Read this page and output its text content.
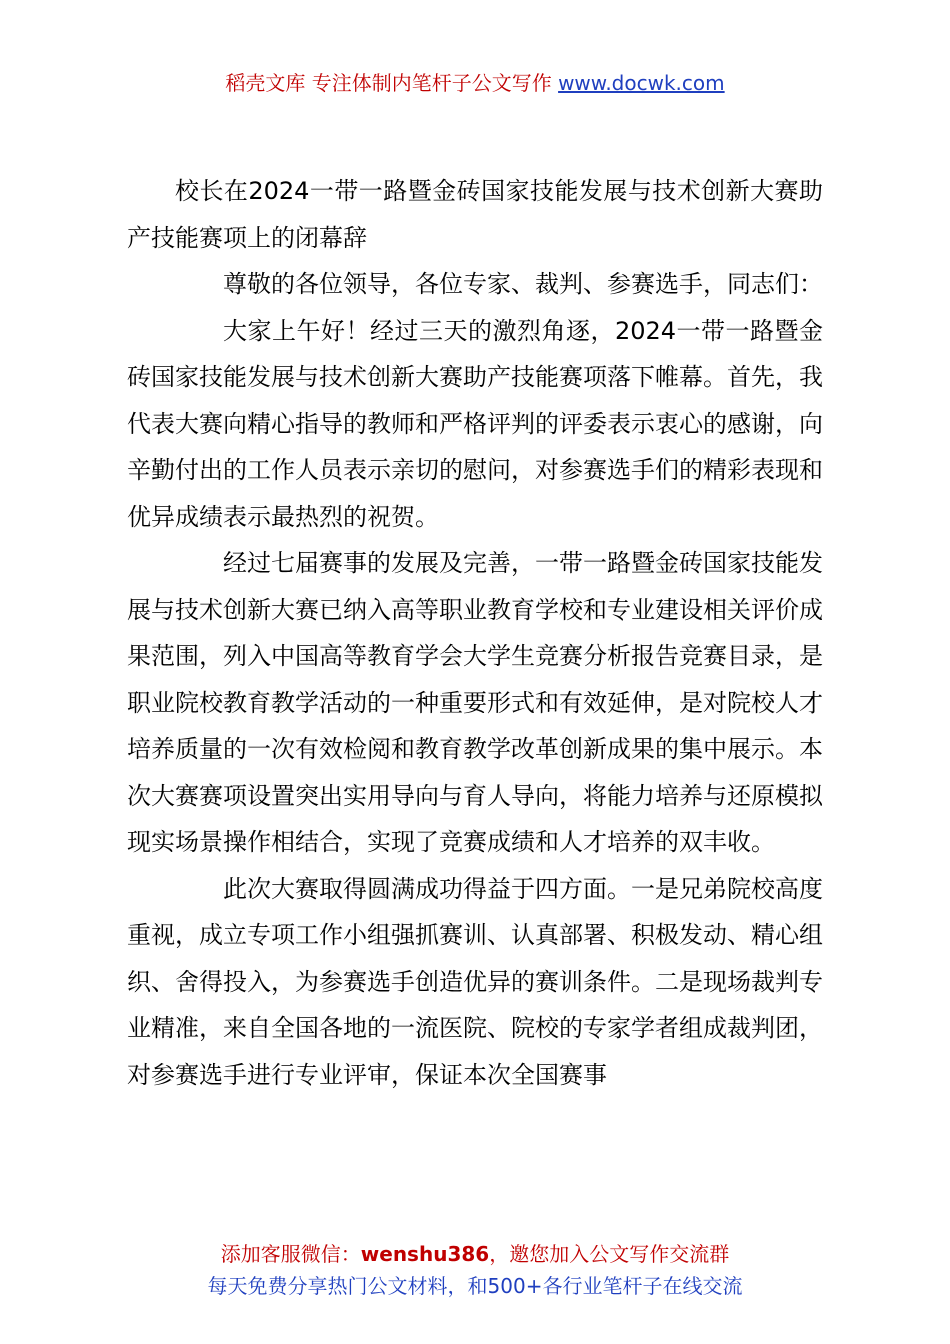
稻壳文库 专注体制内笔杆子公文写作 www.docwk.com

校长在2024一带一路暨金砖国家技能发展与技术创新大赛助产技能赛项上的闭幕辞

尊敬的各位领导，各位专家、裁判、参赛选手，同志们：

大家上午好！经过三天的激烈角逐，2024一带一路暨金砖国家技能发展与技术创新大赛助产技能赛项落下帷幕。首先，我代表大赛向精心指导的教师和严格评判的评委表示衷心的感谢，向辛勤付出的工作人员表示亲切的慰问，对参赛选手们的精彩表现和优异成绩表示最热烈的祝贺。

经过七届赛事的发展及完善，一带一路暨金砖国家技能发展与技术创新大赛已纳入高等职业教育学校和专业建设相关评价成果范围，列入中国高等教育学会大学生竞赛分析报告竞赛目录，是职业院校教育教学活动的一种重要形式和有效延伸，是对院校人才培养质量的一次有效检阅和教育教学改革创新成果的集中展示。本次大赛赛项设置突出实用导向与育人导向，将能力培养与还原模拟现实场景操作相结合，实现了竞赛成绩和人才培养的双丰收。

此次大赛取得圆满成功得益于四方面。一是兄弟院校高度重视，成立专项工作小组强抓赛训、认真部署、积极发动、精心组织、舍得投入，为参赛选手创造优异的赛训条件。二是现场裁判专业精准，来自全国各地的一流医院、院校的专家学者组成裁判团，对参赛选手进行专业评审，保证本次全国赛事

添加客服微信：wenshu386，邀您加入公文写作交流群
每天免费分享热门公文材料，和500+各行业笔杆子在线交流
